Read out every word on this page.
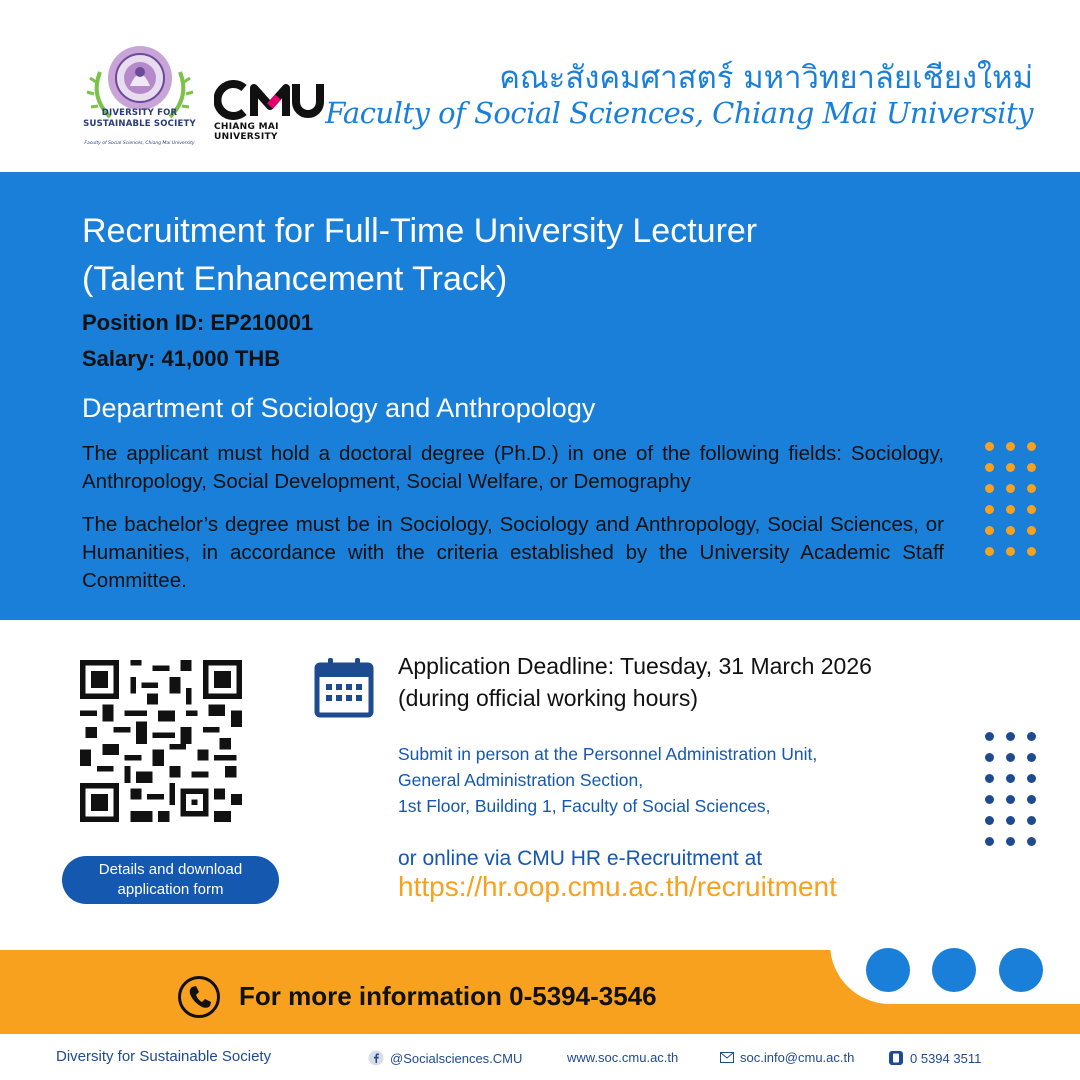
DIVERSITY FOR SUSTAINABLE SOCIETY
Faculty of Social Sciences, Chiang Mai University
CHIANG MAI UNIVERSITY
คณะสังคมศาสตร์ มหาวิทยาลัยเชียงใหม่
Faculty of Social Sciences, Chiang Mai University
Recruitment for Full-Time University Lecturer
(Talent Enhancement Track)
Position ID: EP210001
Salary: 41,000 THB
Department of Sociology and Anthropology
The applicant must hold a doctoral degree (Ph.D.) in one of the following fields: Sociology, Anthropology, Social Development, Social Welfare, or Demography
The bachelor’s degree must be in Sociology, Sociology and Anthropology, Social Sciences, or Humanities, in accordance with the criteria established by the University Academic Staff Committee.
Details and download
application form
Application Deadline: Tuesday, 31 March 2026
(during official working hours)
Submit in person at the Personnel Administration Unit,
General Administration Section,
1st Floor, Building 1, Faculty of Social Sciences,
or online via CMU HR e-Recruitment at
https://hr.oop.cmu.ac.th/recruitment
For more information 0-5394-3546
Diversity for Sustainable Society	@Socialsciences.CMU	www.soc.cmu.ac.th	soc.info@cmu.ac.th	0 5394 3511
